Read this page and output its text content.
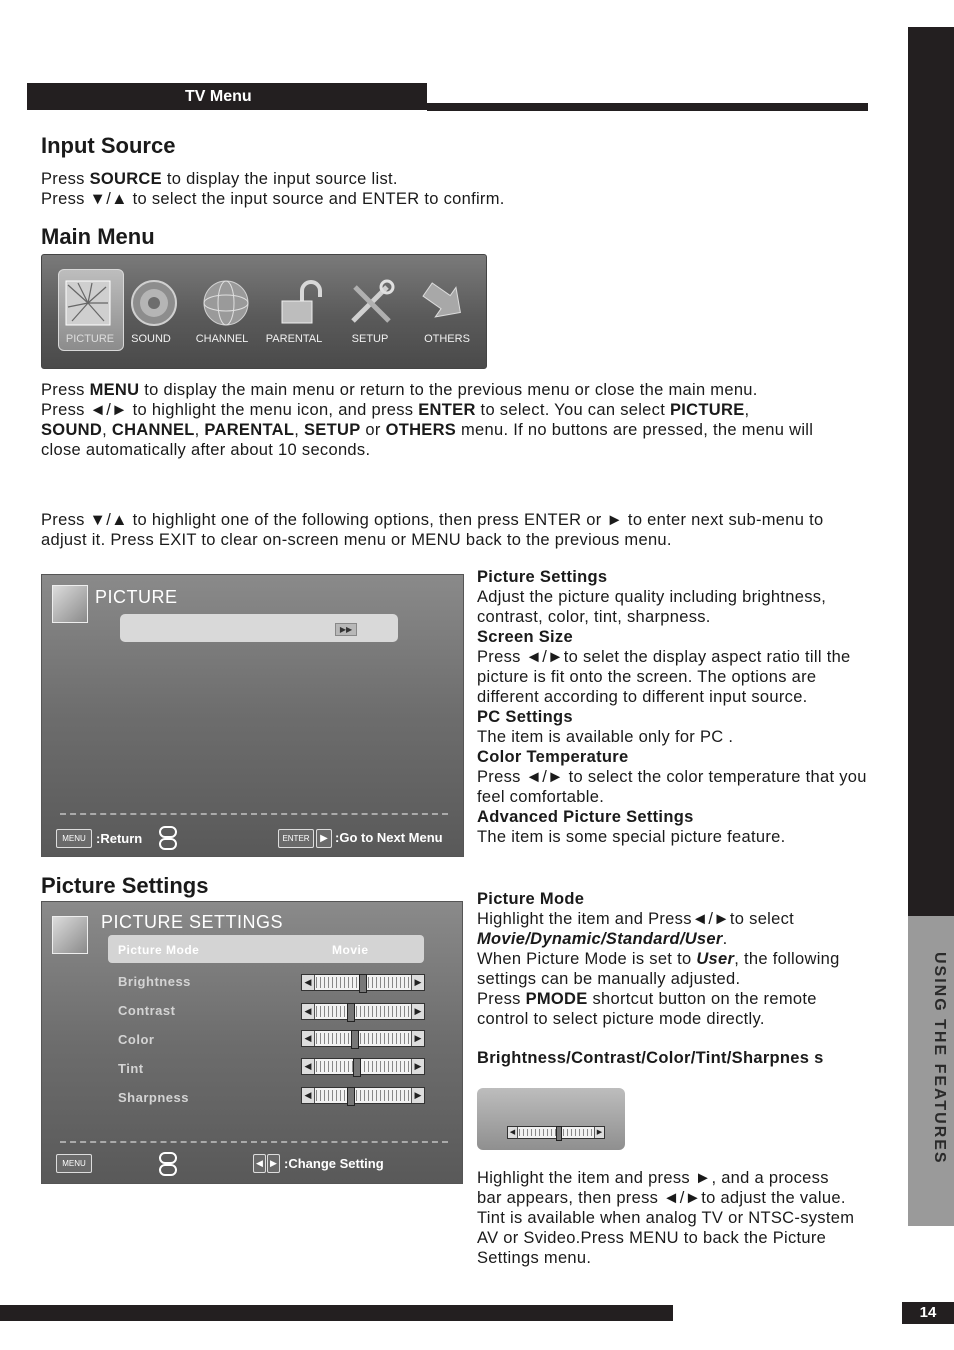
TV Menu
USING THE FEATURES
Input Source

Press SOURCE to display the input source list.

Press ▼/▲ to select the input source and ENTER to confirm.

Main Menu
PICTURE	SOUND	CHANNEL	PARENTAL	SETUP	OTHERS

Press MENU to display the main menu or return to the previous menu or close the main menu.
Press ◄/► to highlight the menu icon, and press ENTER to select. You can select PICTURE,
SOUND, CHANNEL, PARENTAL, SETUP or OTHERS menu. If no buttons are pressed, the menu will close automatically after about 10 seconds.

Press ▼/▲ to highlight one of the following options, then press ENTER or ► to enter next sub-menu to adjust it. Press EXIT to clear on-screen menu or MENU back to the previous menu.

PICTURE
▶▶
MENU :Return	ENTER	▶ :Go to Next Menu
Picture Settings
Adjust the picture quality including brightness, contrast, color, tint, sharpness.
Screen Size
Press ◄/►to selet the display aspect ratio till the picture is fit onto the screen. The options are different according to different input source.
PC Settings
The item is available only for PC .
Color Temperature
Press ◄/► to select the color temperature that you feel comfortable.
Advanced Picture Settings
The item is some special picture feature.
Picture Settings
PICTURE SETTINGS
Picture Mode	Movie
Brightness	◀	▶
Contrast	◀	▶
Color	◀	▶
Tint	◀	▶
Sharpness	◀	▶
MENU	◀ ▶ :Change Setting
Picture Mode
Highlight the item and Press◄/►to select
Movie/Dynamic/Standard/User.
When Picture Mode is set to User, the following settings can be manually adjusted.
Press PMODE shortcut button on the remote control to select picture mode directly.
Brightness/Contrast/Color/Tint/Sharpnes s
◀	▶

Highlight the item and press ►, and a process bar appears, then press ◄/►to adjust the value. Tint is available when analog TV or NTSC-system AV or Svideo.Press MENU to back the Picture Settings menu.

14
